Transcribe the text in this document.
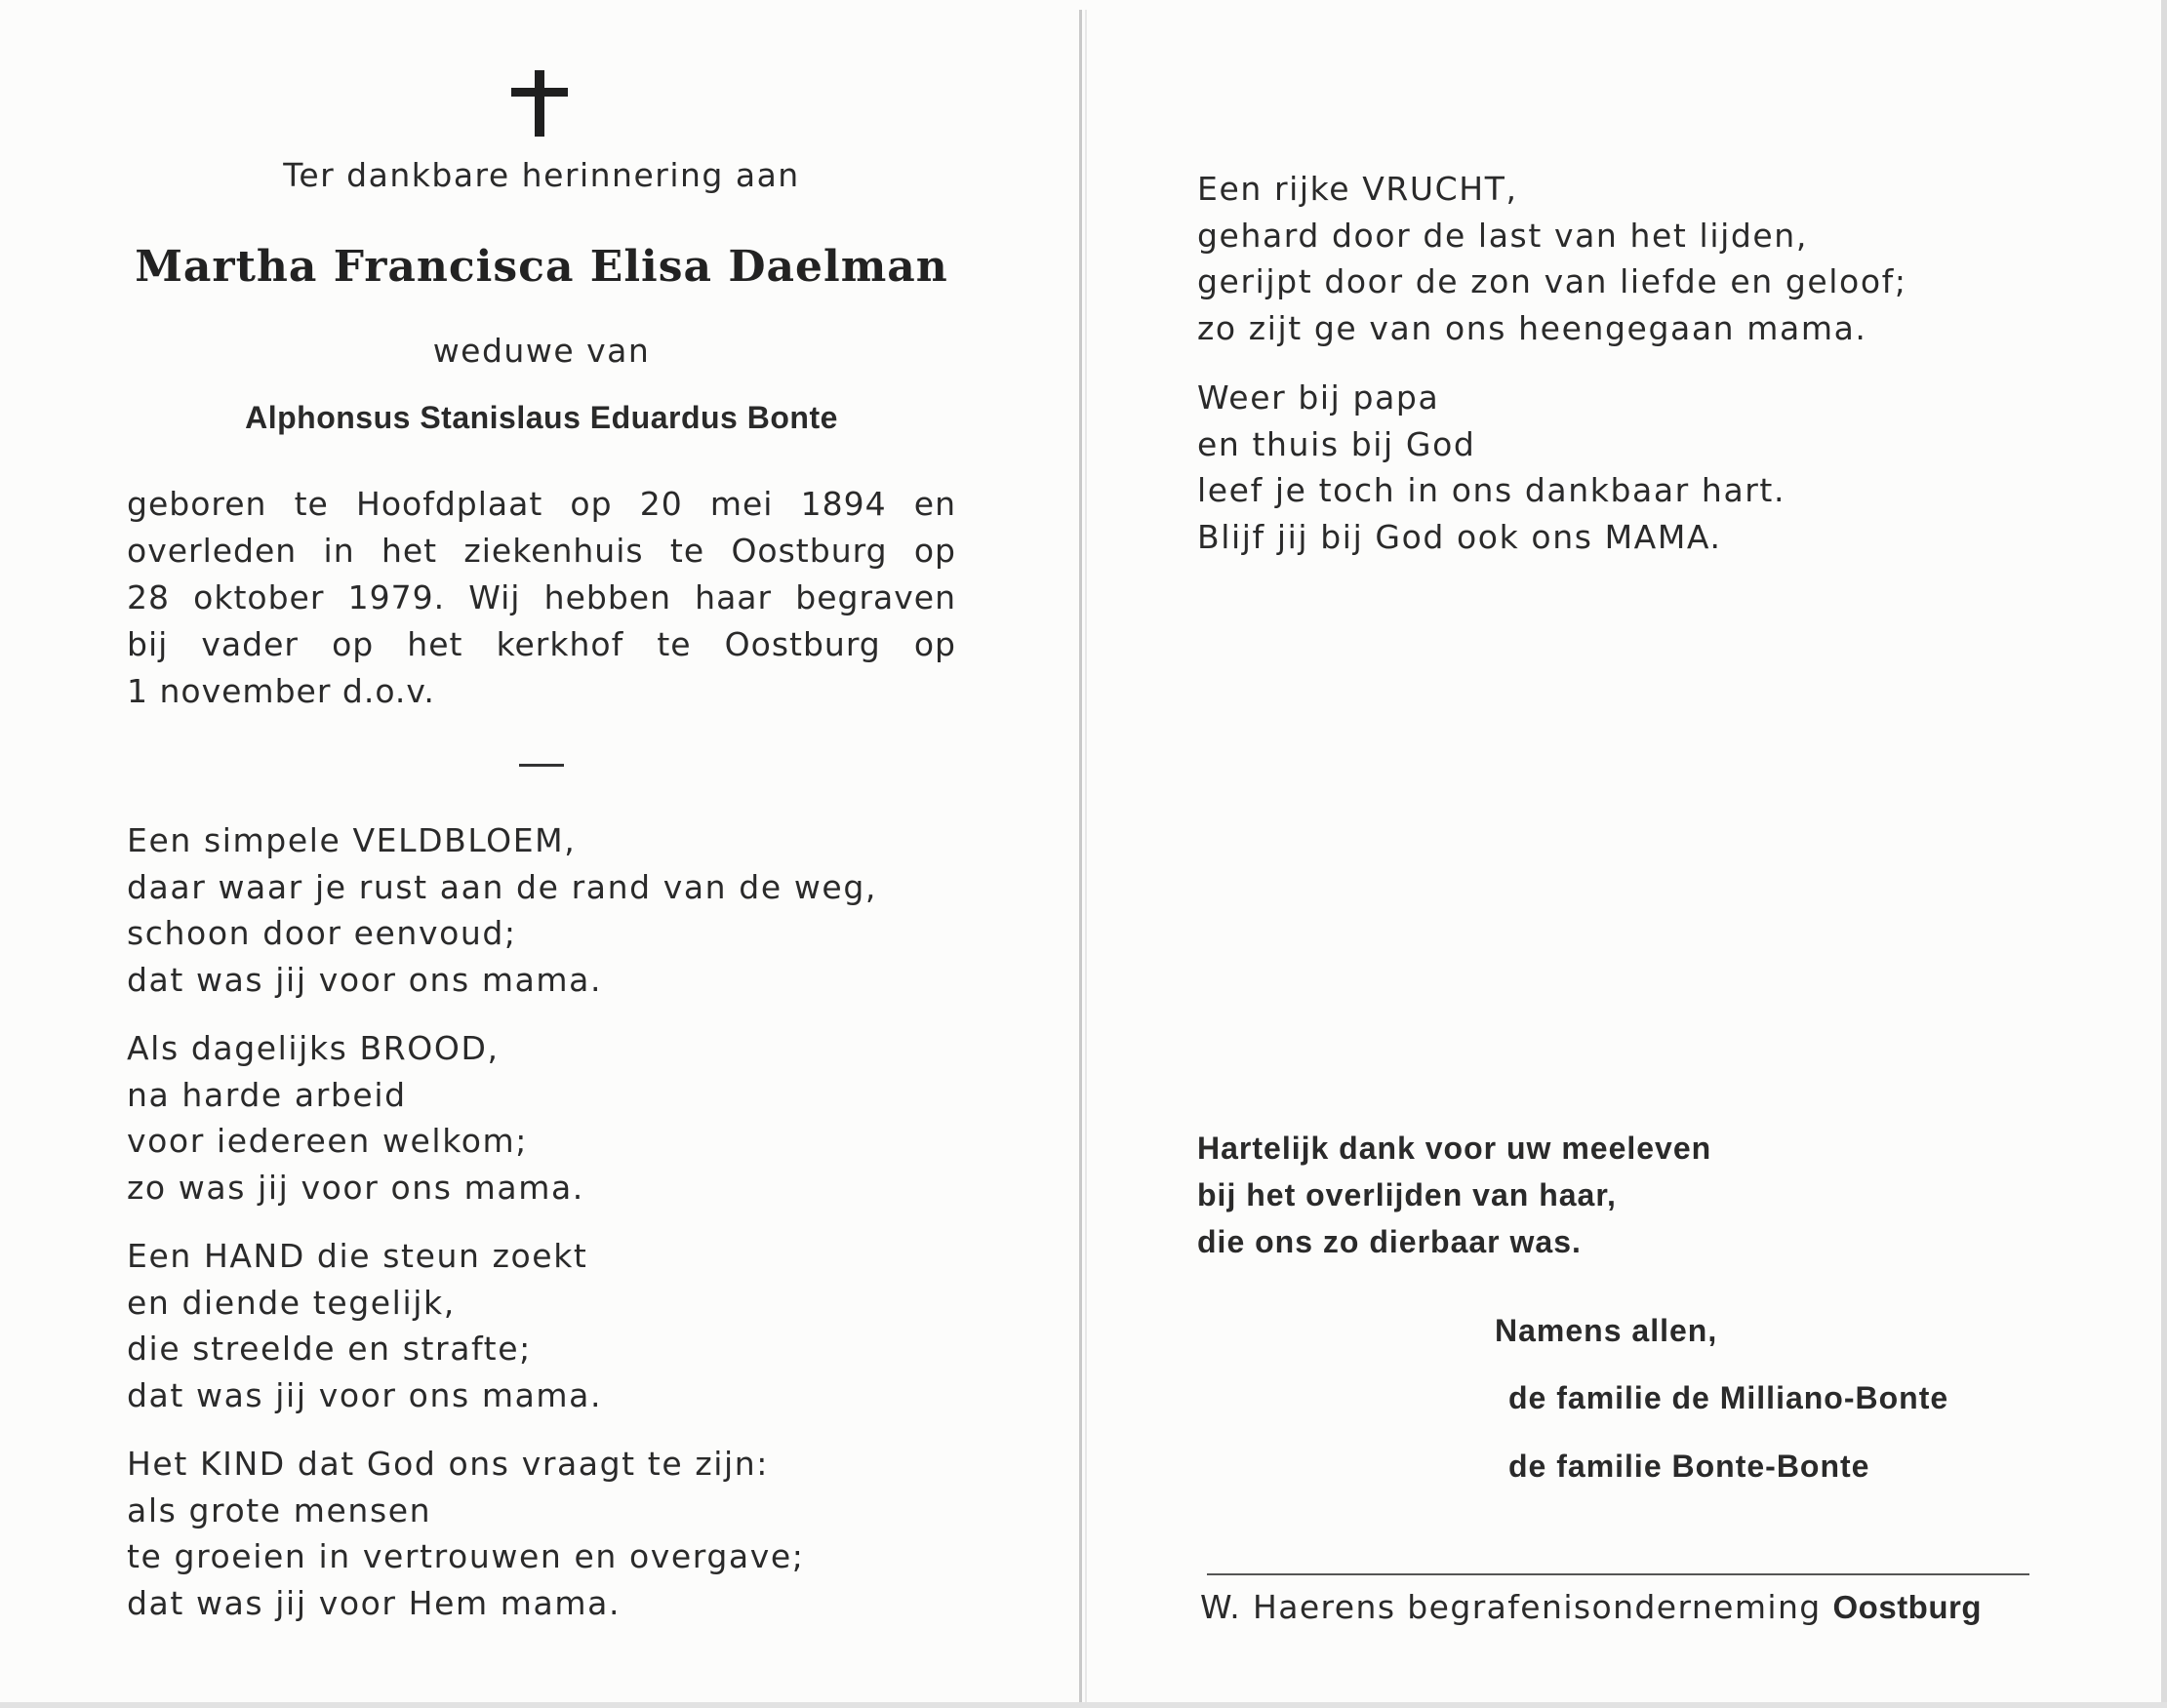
Ter dankbare herinnering aan
Martha Francisca Elisa Daelman
weduwe van
Alphonsus Stanislaus Eduardus Bonte
geboren te Hoofdplaat op 20 mei 1894 en
overleden in het ziekenhuis te Oostburg op
28 oktober 1979. Wij hebben haar begraven
bij vader op het kerkhof te Oostburg op
1 november d.o.v.
Een simpele VELDBLOEM,
daar waar je rust aan de rand van de weg,
schoon door eenvoud;
dat was jij voor ons mama.
Als dagelijks BROOD,
na harde arbeid
voor iedereen welkom;
zo was jij voor ons mama.
Een HAND die steun zoekt
en diende tegelijk,
die streelde en strafte;
dat was jij voor ons mama.
Het KIND dat God ons vraagt te zijn:
als grote mensen
te groeien in vertrouwen en overgave;
dat was jij voor Hem mama.
Een rijke VRUCHT,
gehard door de last van het lijden,
gerijpt door de zon van liefde en geloof;
zo zijt ge van ons heengegaan mama.
Weer bij papa
en thuis bij God
leef je toch in ons dankbaar hart.
Blijf jij bij God ook ons MAMA.
Hartelijk dank voor uw meeleven
bij het overlijden van haar,
die ons zo dierbaar was.
Namens allen,
de familie de Milliano-Bonte
de familie Bonte-Bonte
W. Haerens begrafenisonderneming Oostburg
